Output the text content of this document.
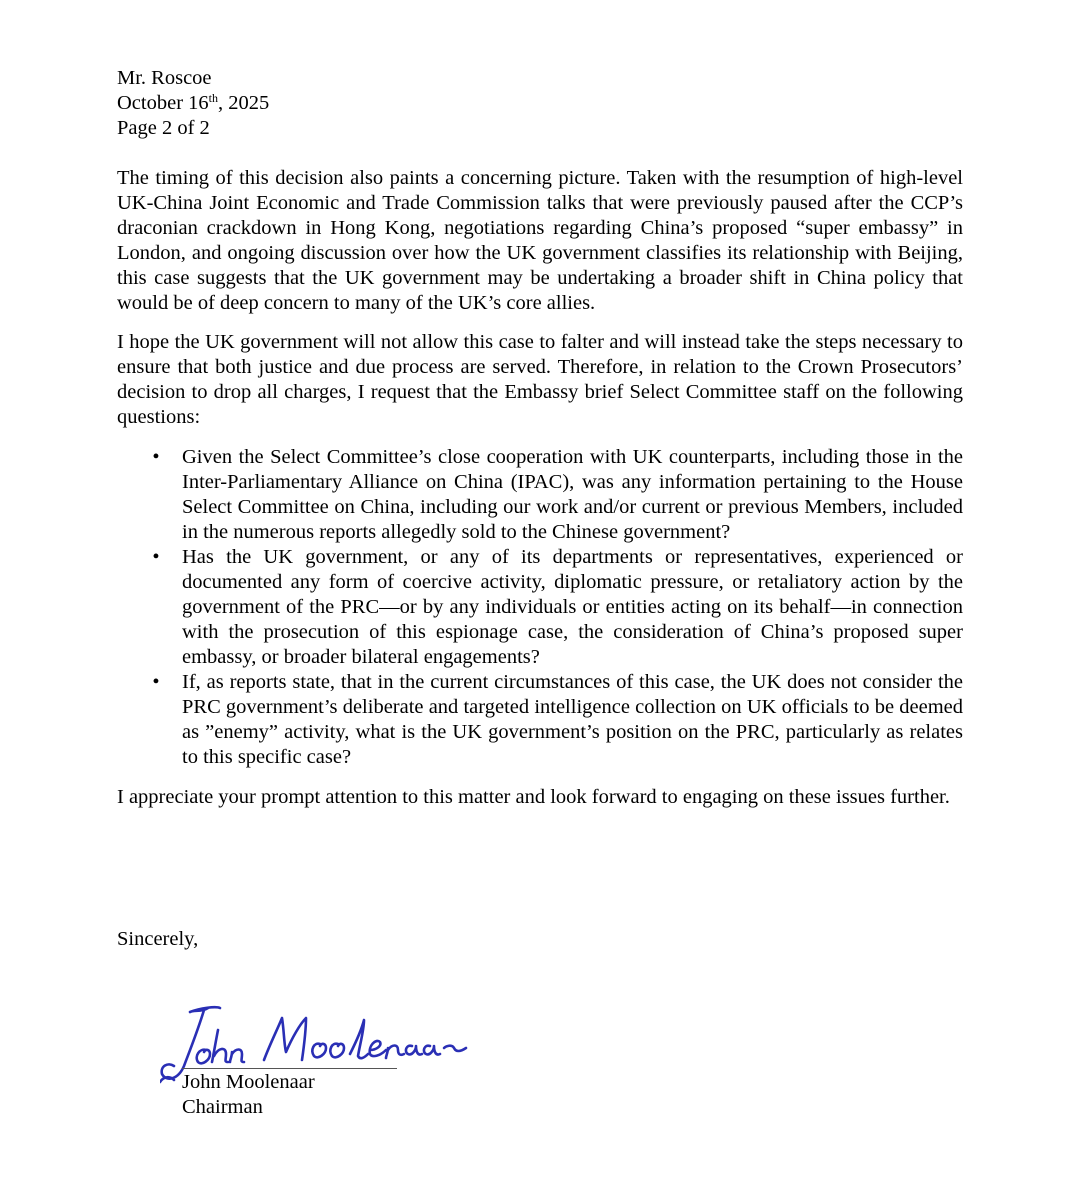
Mr. Roscoe
October 16th, 2025
Page 2 of 2

The timing of this decision also paints a concerning picture. Taken with the resumption of high-level UK-China Joint Economic and Trade Commission talks that were previously paused after the CCP’s draconian crackdown in Hong Kong, negotiations regarding China’s proposed “super embassy” in London, and ongoing discussion over how the UK government classifies its relationship with Beijing, this case suggests that the UK government may be undertaking a broader shift in China policy that would be of deep concern to many of the UK’s core allies.

I hope the UK government will not allow this case to falter and will instead take the steps necessary to ensure that both justice and due process are served. Therefore, in relation to the Crown Prosecutors’ decision to drop all charges, I request that the Embassy brief Select Committee staff on the following questions:

• Given the Select Committee’s close cooperation with UK counterparts, including those in the Inter-Parliamentary Alliance on China (IPAC), was any information pertaining to the House Select Committee on China, including our work and/or current or previous Members, included in the numerous reports allegedly sold to the Chinese government?
• Has the UK government, or any of its departments or representatives, experienced or documented any form of coercive activity, diplomatic pressure, or retaliatory action by the government of the PRC—or by any individuals or entities acting on its behalf—in connection with the prosecution of this espionage case, the consideration of China’s proposed super embassy, or broader bilateral engagements?
• If, as reports state, that in the current circumstances of this case, the UK does not consider the PRC government’s deliberate and targeted intelligence collection on UK officials to be deemed as ”enemy” activity, what is the UK government’s position on the PRC, particularly as relates to this specific case?

I appreciate your prompt attention to this matter and look forward to engaging on these issues further.

Sincerely,
John Moolenaar
Chairman
